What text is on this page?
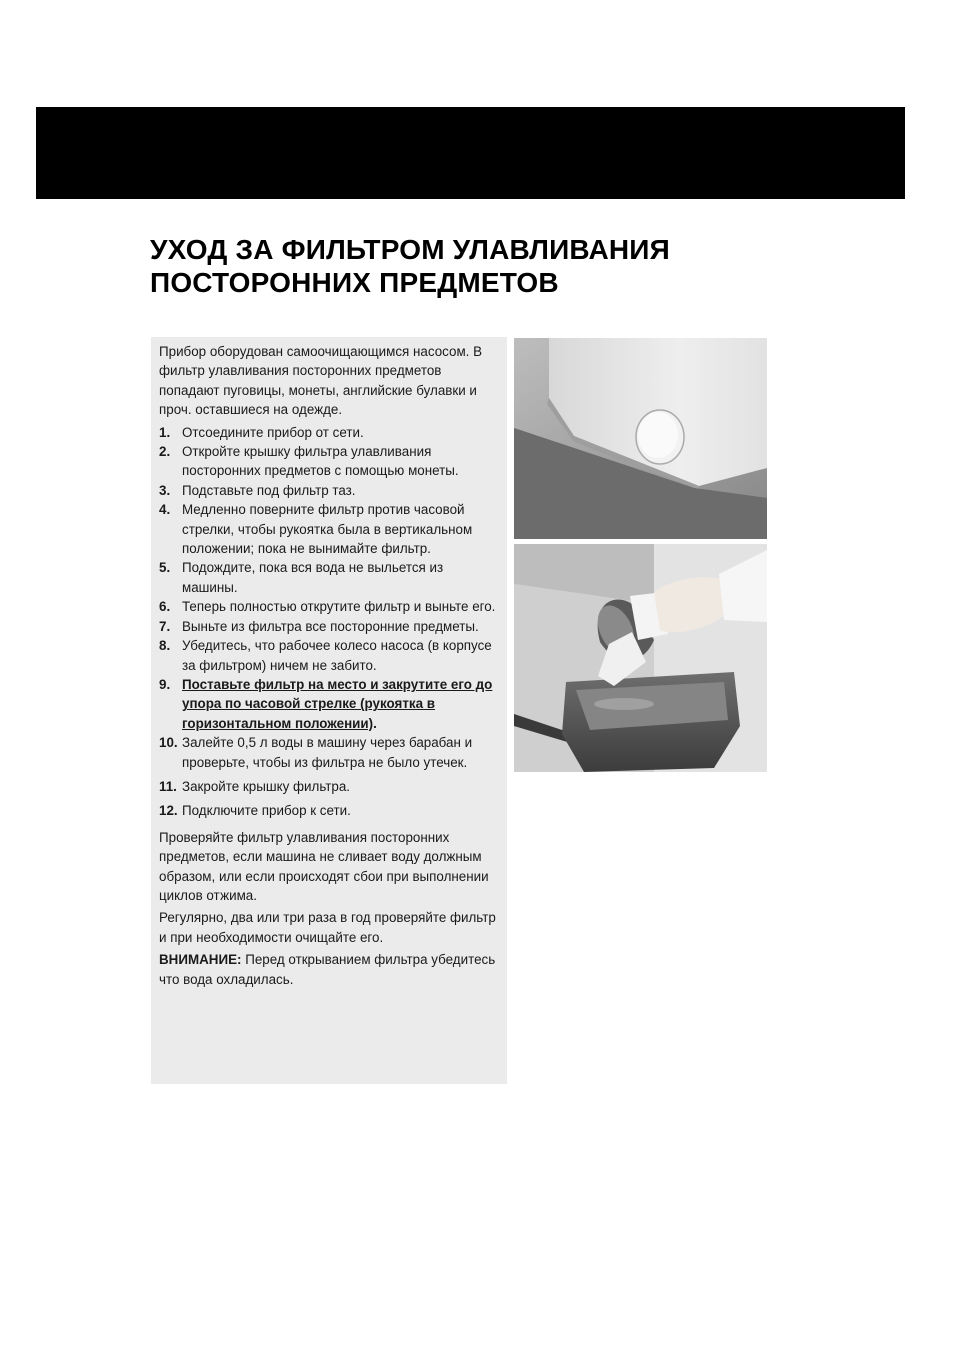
УХОД ЗА ФИЛЬТРОМ УЛАВЛИВАНИЯ
ПОСТОРОННИХ ПРЕДМЕТОВ

Прибор оборудован самоочищающимся насосом. В фильтр улавливания посторонних предметов попадают пуговицы, монеты, английские булавки и проч. оставшиеся на одежде.

1. Отсоедините прибор от сети.
2. Откройте крышку фильтра улавливания посторонних предметов с помощью монеты.
3. Подставьте под фильтр таз.
4. Медленно поверните фильтр против часовой стрелки, чтобы рукоятка была в вертикальном положении; пока не вынимайте фильтр.
5. Подождите, пока вся вода не выльется из машины.
6. Теперь полностью открутите фильтр и выньте его.
7. Выньте из фильтра все посторонние предметы.
8. Убедитесь, что рабочее колесо насоса (в корпусе за фильтром) ничем не забито.
9. Поставьте фильтр на место и закрутите его до упора по часовой стрелке (рукоятка в горизонтальном положении).
10. Залейте 0,5 л воды в машину через барабан и проверьте, чтобы из фильтра не было утечек.
11. Закройте крышку фильтра.
12. Подключите прибор к сети.

Проверяйте фильтр улавливания посторонних предметов, если машина не сливает воду должным образом, или если происходят сбои при выполнении циклов отжима.

Регулярно, два или три раза в год проверяйте фильтр и при необходимости очищайте его.

ВНИМАНИЕ: Перед открыванием фильтра убедитесь что вода охладилась.
